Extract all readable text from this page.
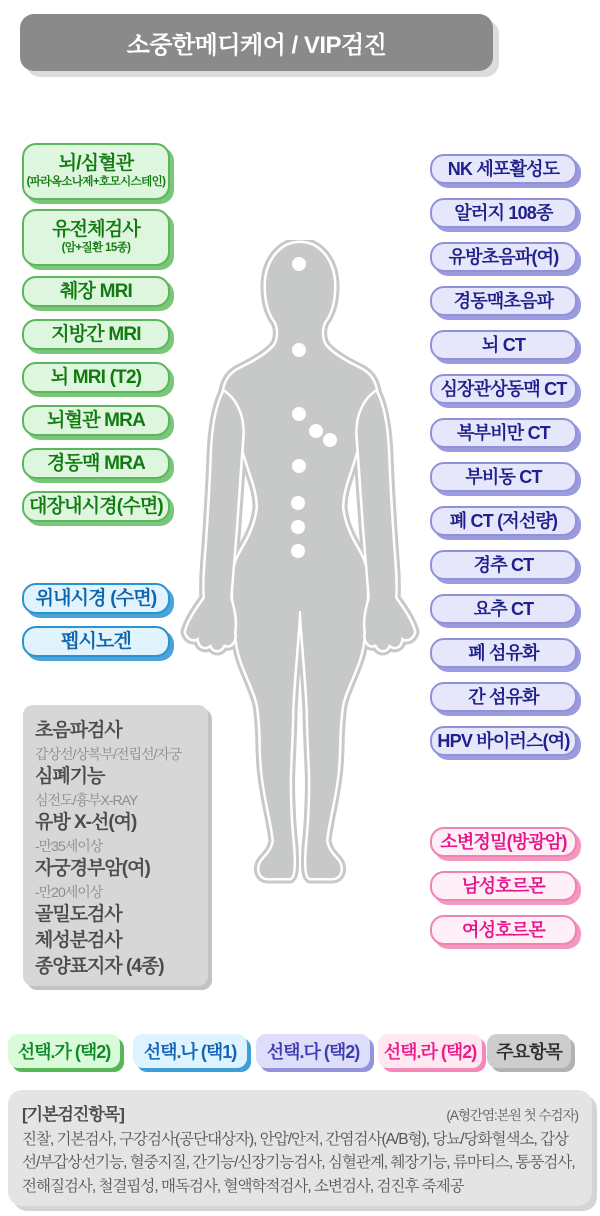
소중한메디케어 / VIP검진
뇌/심혈관
(파라옥소나제+호모시스테인)
유전체검사
(암+질환 15종)
췌장 MRI
지방간 MRI
뇌 MRI (T2)
뇌혈관 MRA
경동맥 MRA
대장내시경(수면)
위내시경 (수면)
펩시노겐
초음파검사
갑상선/상복부/전립선/자궁
심폐기능
심전도/흉부X-RAY
유방 X-선(여)
-만35세이상
자궁경부암(여)
-만20세이상
골밀도검사
체성분검사
종양표지자 (4종)
NK 세포활성도
알러지 108종
유방초음파(여)
경동맥초음파
뇌 CT
심장관상동맥 CT
복부비만 CT
부비동 CT
폐 CT (저선량)
경추 CT
요추 CT
폐 섬유화
간 섬유화
HPV 바이러스(여)
소변정밀(방광암)
남성호르몬
여성호르몬
선택.가 (택2)	선택.나 (택1)	선택.다 (택2)	선택.라 (택2)	주요항목
[기본검진항목]	(A형간염:본원 첫 수검자)
진찰, 기본검사, 구강검사(공단대상자), 안압/안저, 간염검사(A/B형), 당뇨/당화혈색소, 갑상선/부갑상선기능, 혈중지질, 간기능/신장기능검사, 심혈관계, 췌장기능, 류마티스, 통풍검사, 전해질검사, 철결핍성, 매독검사, 혈액학적검사, 소변검사, 검진후 죽제공
